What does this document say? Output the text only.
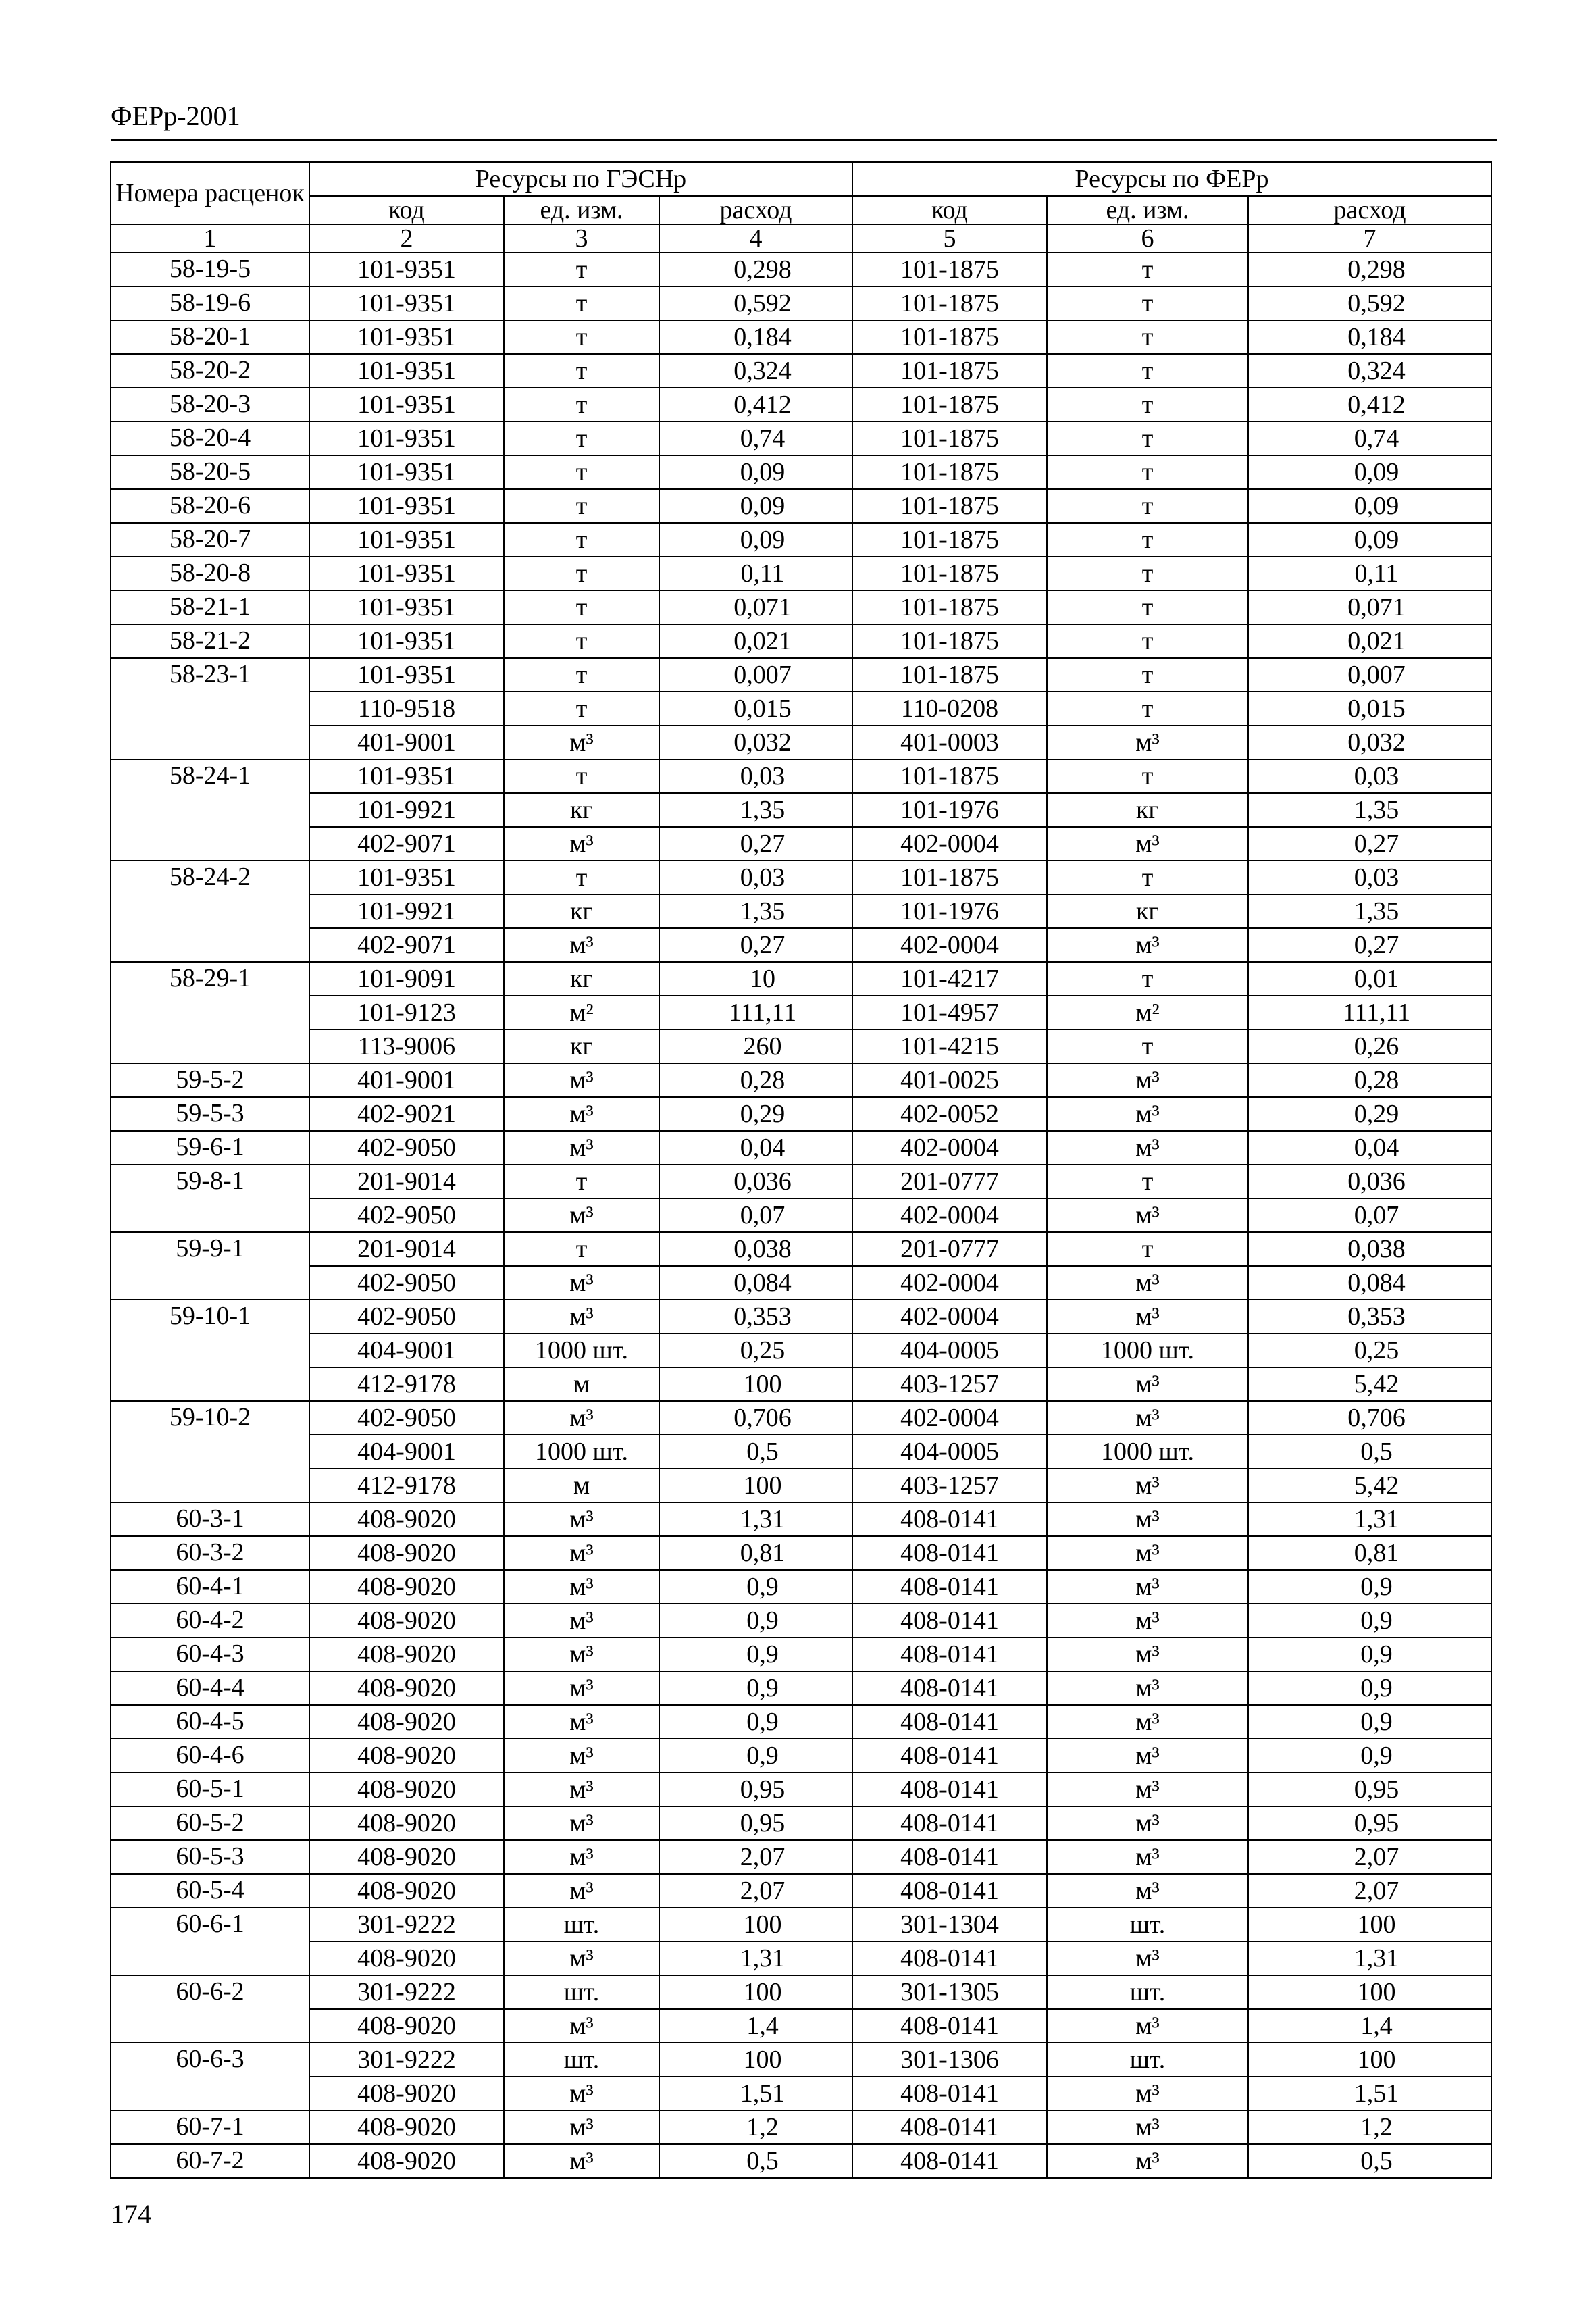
ФЕРр-2001
Номера расценок	Ресурсы по ГЭСНр			Ресурсы по ФЕРр		
	код	ед. изм.	расход	код	ед. изм.	расход
1	2	3	4	5	6	7
58-19-5	101-9351	т	0,298	101-1875	т	0,298
58-19-6	101-9351	т	0,592	101-1875	т	0,592
58-20-1	101-9351	т	0,184	101-1875	т	0,184
58-20-2	101-9351	т	0,324	101-1875	т	0,324
58-20-3	101-9351	т	0,412	101-1875	т	0,412
58-20-4	101-9351	т	0,74	101-1875	т	0,74
58-20-5	101-9351	т	0,09	101-1875	т	0,09
58-20-6	101-9351	т	0,09	101-1875	т	0,09
58-20-7	101-9351	т	0,09	101-1875	т	0,09
58-20-8	101-9351	т	0,11	101-1875	т	0,11
58-21-1	101-9351	т	0,071	101-1875	т	0,071
58-21-2	101-9351	т	0,021	101-1875	т	0,021
58-23-1	101-9351	т	0,007	101-1875	т	0,007
	110-9518	т	0,015	110-0208	т	0,015
	401-9001	м³	0,032	401-0003	м³	0,032
58-24-1	101-9351	т	0,03	101-1875	т	0,03
	101-9921	кг	1,35	101-1976	кг	1,35
	402-9071	м³	0,27	402-0004	м³	0,27
58-24-2	101-9351	т	0,03	101-1875	т	0,03
	101-9921	кг	1,35	101-1976	кг	1,35
	402-9071	м³	0,27	402-0004	м³	0,27
58-29-1	101-9091	кг	10	101-4217	т	0,01
	101-9123	м²	111,11	101-4957	м²	111,11
	113-9006	кг	260	101-4215	т	0,26
59-5-2	401-9001	м³	0,28	401-0025	м³	0,28
59-5-3	402-9021	м³	0,29	402-0052	м³	0,29
59-6-1	402-9050	м³	0,04	402-0004	м³	0,04
59-8-1	201-9014	т	0,036	201-0777	т	0,036
	402-9050	м³	0,07	402-0004	м³	0,07
59-9-1	201-9014	т	0,038	201-0777	т	0,038
	402-9050	м³	0,084	402-0004	м³	0,084
59-10-1	402-9050	м³	0,353	402-0004	м³	0,353
	404-9001	1000 шт.	0,25	404-0005	1000 шт.	0,25
	412-9178	м	100	403-1257	м³	5,42
59-10-2	402-9050	м³	0,706	402-0004	м³	0,706
	404-9001	1000 шт.	0,5	404-0005	1000 шт.	0,5
	412-9178	м	100	403-1257	м³	5,42
60-3-1	408-9020	м³	1,31	408-0141	м³	1,31
60-3-2	408-9020	м³	0,81	408-0141	м³	0,81
60-4-1	408-9020	м³	0,9	408-0141	м³	0,9
60-4-2	408-9020	м³	0,9	408-0141	м³	0,9
60-4-3	408-9020	м³	0,9	408-0141	м³	0,9
60-4-4	408-9020	м³	0,9	408-0141	м³	0,9
60-4-5	408-9020	м³	0,9	408-0141	м³	0,9
60-4-6	408-9020	м³	0,9	408-0141	м³	0,9
60-5-1	408-9020	м³	0,95	408-0141	м³	0,95
60-5-2	408-9020	м³	0,95	408-0141	м³	0,95
60-5-3	408-9020	м³	2,07	408-0141	м³	2,07
60-5-4	408-9020	м³	2,07	408-0141	м³	2,07
60-6-1	301-9222	шт.	100	301-1304	шт.	100
	408-9020	м³	1,31	408-0141	м³	1,31
60-6-2	301-9222	шт.	100	301-1305	шт.	100
	408-9020	м³	1,4	408-0141	м³	1,4
60-6-3	301-9222	шт.	100	301-1306	шт.	100
	408-9020	м³	1,51	408-0141	м³	1,51
60-7-1	408-9020	м³	1,2	408-0141	м³	1,2
60-7-2	408-9020	м³	0,5	408-0141	м³	0,5
174
